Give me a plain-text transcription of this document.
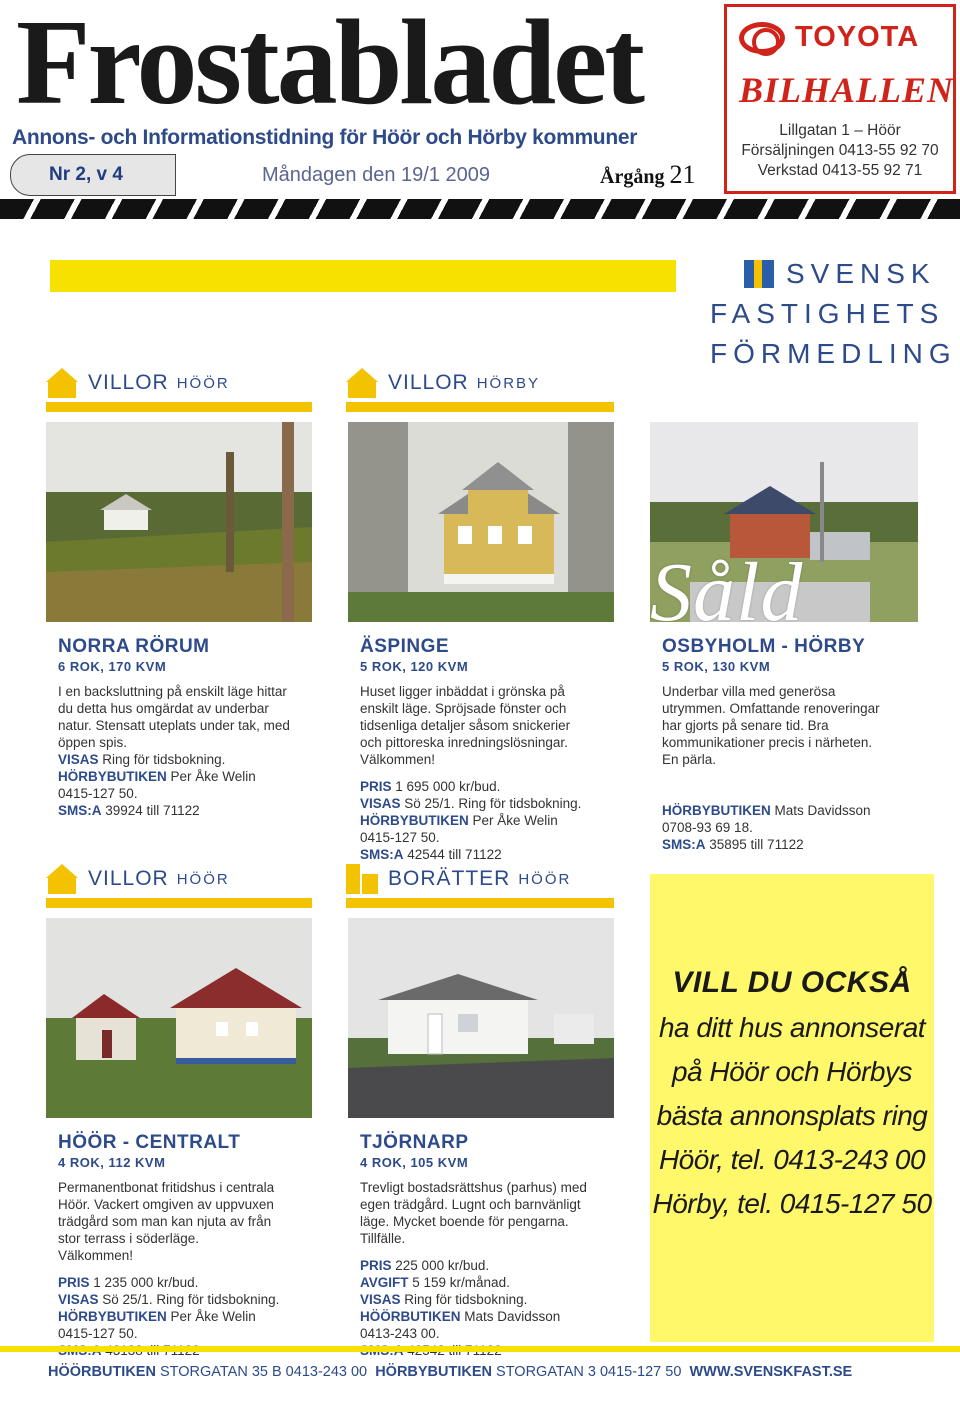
Frostabladet
Annons- och Informationstidning för Höör och Hörby kommuner
Nr 2, v 4	Måndagen den 19/1 2009	Årgång 21
TOYOTA
BILHALLEN
Lillgatan 1 – Höör
Försäljningen 0413-55 92 70
Verkstad 0413-55 92 71
SVENSK
FASTIGHETS
FÖRMEDLING
VILLOR HÖÖR	VILLOR HÖRBY
Såld
NORRA RÖRUM
6 ROK, 170 KVM

I en backsluttning på enskilt läge hittar

du detta hus omgärdat av underbar

natur. Stensatt uteplats under tak, med

öppen spis.

VISAS Ring för tidsbokning.
HÖRBYBUTIKEN Per Åke Welin
0415-127 50.
SMS:A 39924 till 71122
ÄSPINGE
5 ROK, 120 KVM

Huset ligger inbäddat i grönska på

enskilt läge. Spröjsade fönster och

tidsenliga detaljer såsom snickerier

och pittoreska inredningslösningar.

Välkommen!

PRIS 1 695 000 kr/bud.
VISAS Sö 25/1. Ring för tidsbokning.
HÖRBYBUTIKEN Per Åke Welin
0415-127 50.
SMS:A 42544 till 71122
OSBYHOLM - HÖRBY
5 ROK, 130 KVM

Underbar villa med generösa

utrymmen. Omfattande renoveringar

har gjorts på senare tid. Bra

kommunikationer precis i närheten.

En pärla.

HÖRBYBUTIKEN Mats Davidsson
0708-93 69 18.
SMS:A 35895 till 71122
VILLOR HÖÖR	BORÄTTER HÖÖR
HÖÖR - CENTRALT
4 ROK, 112 KVM

Permanentbonat fritidshus i centrala

Höör. Vackert omgiven av uppvuxen

trädgård som man kan njuta av från

stor terrass i söderläge.

Välkommen!

PRIS 1 235 000 kr/bud.
VISAS Sö 25/1. Ring för tidsbokning.
HÖRBYBUTIKEN Per Åke Welin
0415-127 50.
TJÖRNARP
4 ROK, 105 KVM

Trevligt bostadsrättshus (parhus) med

egen trädgård. Lugnt och barnvänligt

läge. Mycket boende för pengarna.

Tillfälle.

PRIS 225 000 kr/bud.
AVGIFT 5 159 kr/månad.
VISAS Ring för tidsbokning.
HÖÖRBUTIKEN Mats Davidsson
0413-243 00.
VILL DU OCKSÅ
ha ditt hus annonserat
på Höör och Hörbys
bästa annonsplats ring
Höör, tel. 0413-243 00
Hörby, tel. 0415-127 50
HÖÖRBUTIKEN STORGATAN 35 B 0413-243 00 HÖRBYBUTIKEN STORGATAN 3 0415-127 50 WWW.SVENSKFAST.SE
